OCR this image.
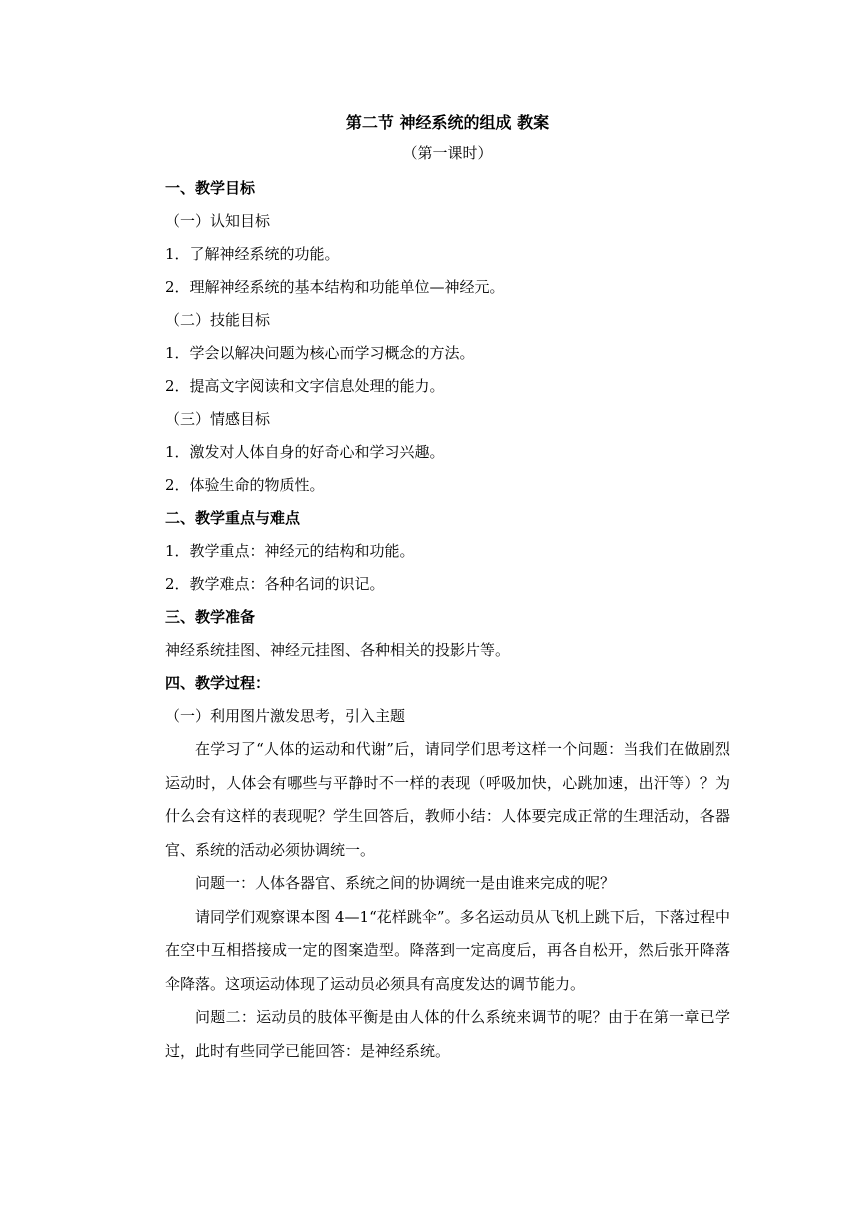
第二节 神经系统的组成 教案

（第一课时）

一、教学目标

（一）认知目标

1．了解神经系统的功能。

2．理解神经系统的基本结构和功能单位—神经元。

（二）技能目标

1．学会以解决问题为核心而学习概念的方法。

2．提高文字阅读和文字信息处理的能力。

（三）情感目标

1．激发对人体自身的好奇心和学习兴趣。

2．体验生命的物质性。

二、教学重点与难点

1．教学重点：神经元的结构和功能。

2．教学难点：各种名词的识记。

三、教学准备

神经系统挂图、神经元挂图、各种相关的投影片等。

四、教学过程：

（一）利用图片激发思考，引入主题

在学习了“人体的运动和代谢”后，请同学们思考这样一个问题：当我们在做剧烈运动时，人体会有哪些与平静时不一样的表现（呼吸加快，心跳加速，出汗等）？为什么会有这样的表现呢？学生回答后，教师小结：人体要完成正常的生理活动，各器官、系统的活动必须协调统一。

问题一：人体各器官、系统之间的协调统一是由谁来完成的呢？

请同学们观察课本图 4—1“花样跳伞”。多名运动员从飞机上跳下后，下落过程中在空中互相搭接成一定的图案造型。降落到一定高度后，再各自松开，然后张开降落伞降落。这项运动体现了运动员必须具有高度发达的调节能力。

问题二：运动员的肢体平衡是由人体的什么系统来调节的呢？由于在第一章已学过，此时有些同学已能回答：是神经系统。
